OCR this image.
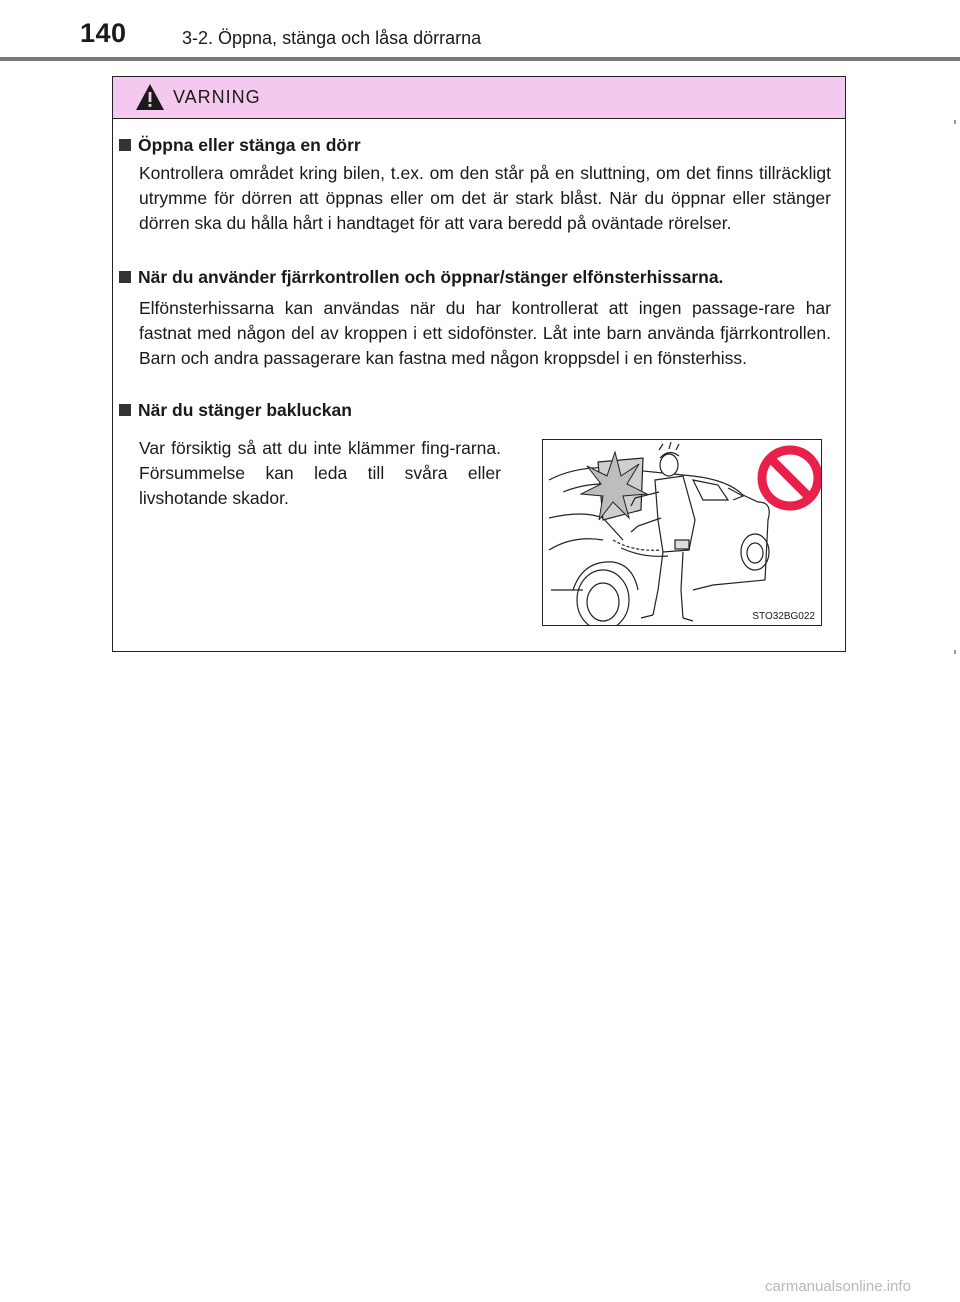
140	3-2. Öppna, stänga och låsa dörrarna
VARNING
Öppna eller stänga en dörr
Kontrollera området kring bilen, t.ex. om den står på en sluttning, om det finns tillräckligt utrymme för dörren att öppnas eller om det är stark blåst. När du öppnar eller stänger dörren ska du hålla hårt i handtaget för att vara beredd på oväntade rörelser.
När du använder fjärrkontrollen och öppnar/stänger elfönsterhissarna.
Elfönsterhissarna kan användas när du har kontrollerat att ingen passage-rare har fastnat med någon del av kroppen i ett sidofönster. Låt inte barn använda fjärrkontrollen. Barn och andra passagerare kan fastna med någon kroppsdel i en fönsterhiss.
När du stänger bakluckan
Var försiktig så att du inte klämmer fing-rarna. Försummelse kan leda till svåra eller livshotande skador.
STO32BG022
carmanualsonline.info
